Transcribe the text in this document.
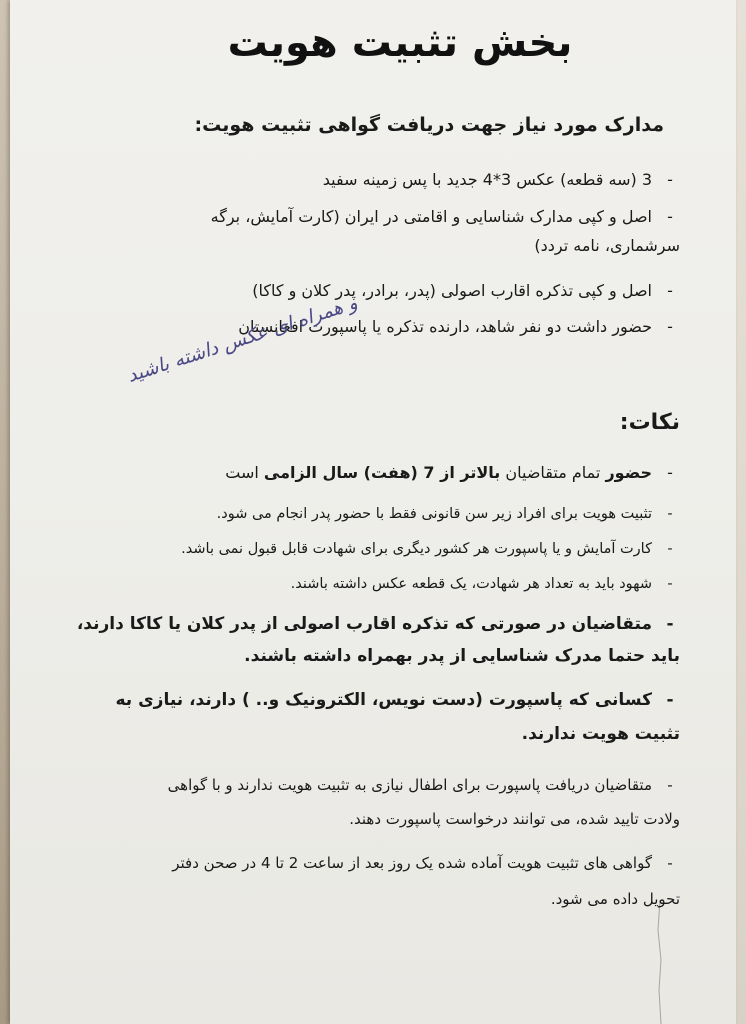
بخش تثبیت هویت
مدارک مورد نیاز جهت دریافت گواهی تثبیت هویت:
-
3 (سه قطعه) عکس 3*4 جدید با پس زمینه سفید
-
اصل و کپی مدارک شناسایی و اقامتی در ایران (کارت آمایش، برگه
سرشماری، نامه تردد)
-
اصل و کپی تذکره اقارب اصولی (پدر، برادر، پدر کلان و کاکا)
-
حضور داشت دو نفر شاهد، دارنده تذکره یا پاسپورت افغانستان
و همراه ای عکس داشته باشید
نکات:
-
حضور تمام متقاضیان بالاتر از 7 (هفت) سال الزامی است
-
تثبیت هویت برای افراد زیر سن قانونی فقط با حضور پدر انجام می شود.
-
کارت آمایش و یا پاسپورت هر کشور دیگری برای شهادت قابل قبول نمی باشد.
-
شهود باید به تعداد هر شهادت، یک قطعه عکس داشته باشند.
-
متقاضیان در صورتی که تذکره اقارب اصولی از پدر کلان یا کاکا دارند،
باید حتما مدرک شناسایی از پدر بهمراه داشته باشند.
-
کسانی که پاسپورت (دست نویس، الکترونیک و.. ) دارند، نیازی به
تثبیت هویت ندارند.
-
متقاضیان دریافت پاسپورت برای اطفال نیازی به تثبیت هویت ندارند و با گواهی
ولادت تایید شده، می توانند درخواست پاسپورت دهند.
-
گواهی های تثبیت هویت آماده شده یک روز بعد از ساعت 2 تا 4 در صحن دفتر
تحویل داده می شود.
